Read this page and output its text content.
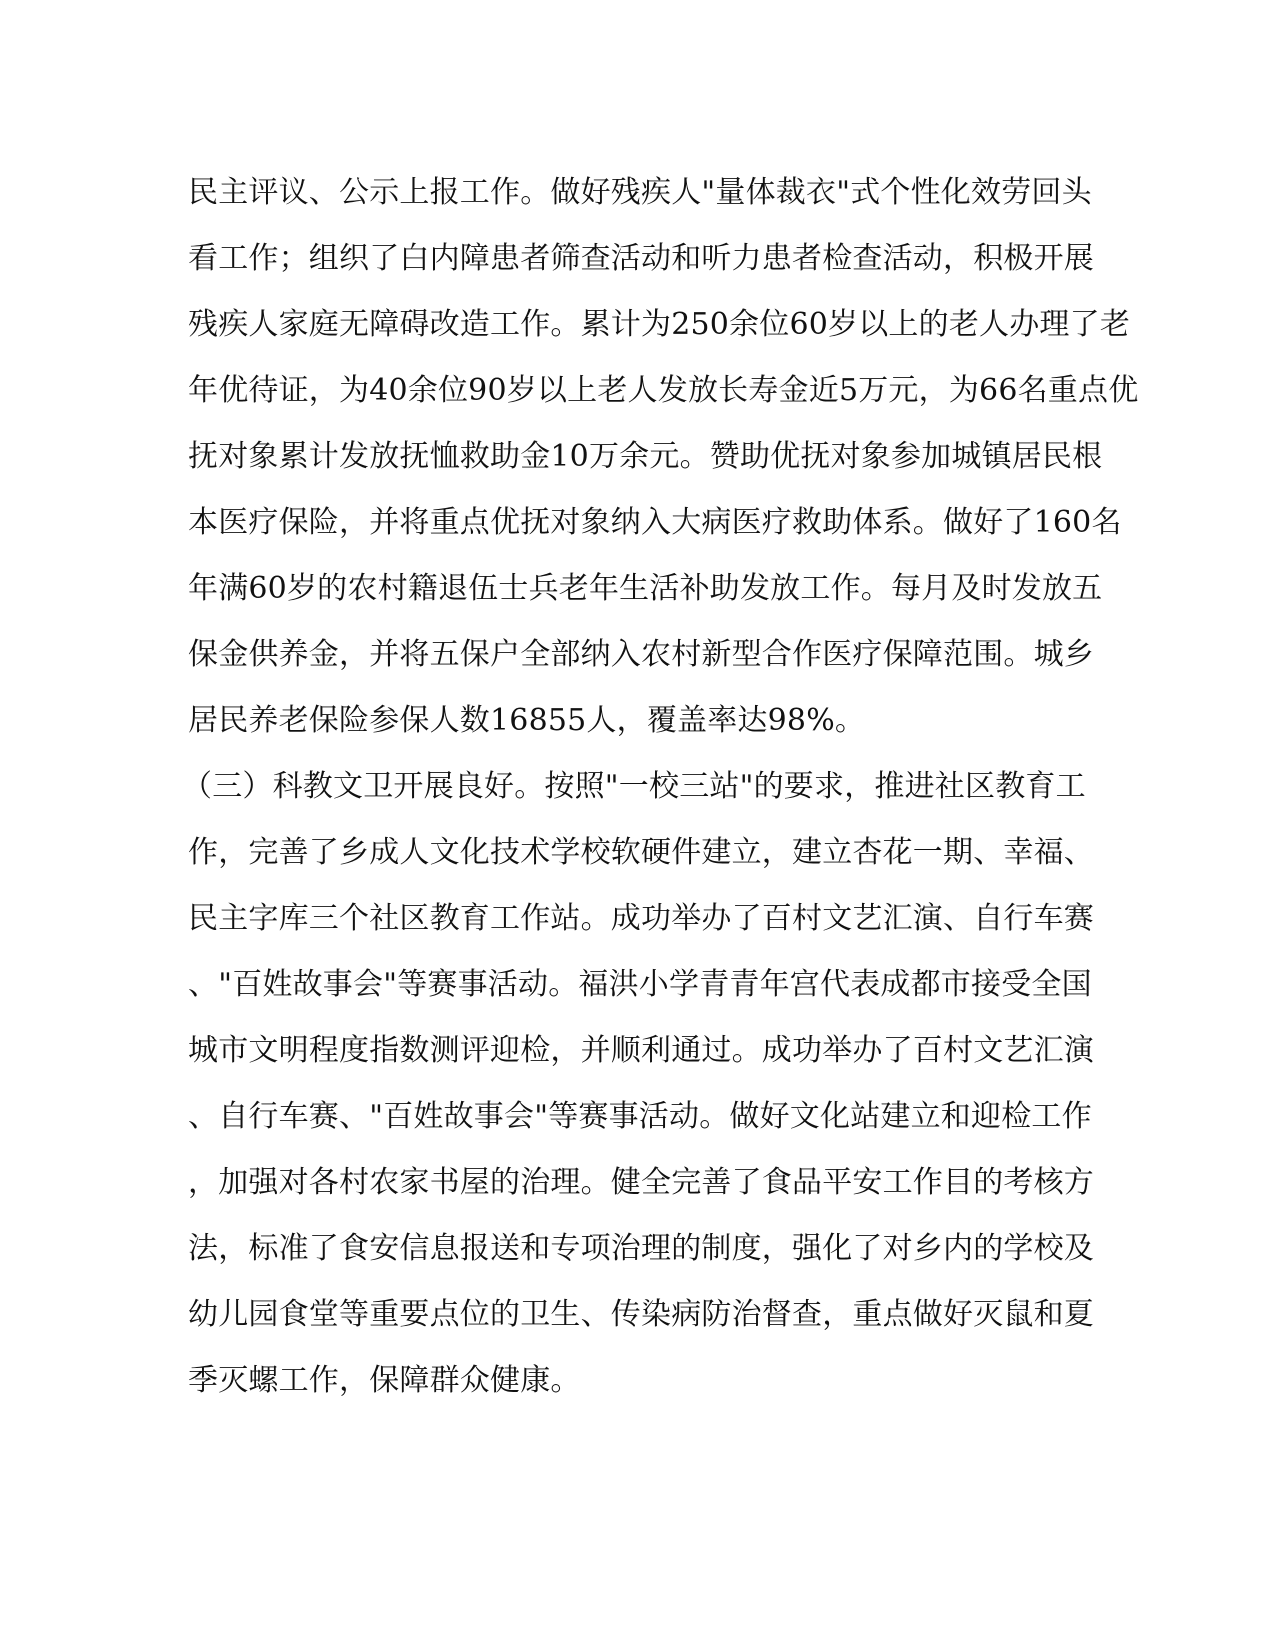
民主评议、公示上报工作。做好残疾人"量体裁衣"式个性化效劳回头
看工作；组织了白内障患者筛查活动和听力患者检查活动，积极开展
残疾人家庭无障碍改造工作。累计为250余位60岁以上的老人办理了老
年优待证，为40余位90岁以上老人发放长寿金近5万元，为66名重点优
抚对象累计发放抚恤救助金10万余元。赞助优抚对象参加城镇居民根
本医疗保险，并将重点优抚对象纳入大病医疗救助体系。做好了160名
年满60岁的农村籍退伍士兵老年生活补助发放工作。每月及时发放五
保金供养金，并将五保户全部纳入农村新型合作医疗保障范围。城乡
居民养老保险参保人数16855人，覆盖率达98%。
（三）科教文卫开展良好。按照"一校三站"的要求，推进社区教育工
作，完善了乡成人文化技术学校软硬件建立，建立杏花一期、幸福、
民主字库三个社区教育工作站。成功举办了百村文艺汇演、自行车赛
、"百姓故事会"等赛事活动。福洪小学青青年宫代表成都市接受全国
城市文明程度指数测评迎检，并顺利通过。成功举办了百村文艺汇演
、自行车赛、"百姓故事会"等赛事活动。做好文化站建立和迎检工作
，加强对各村农家书屋的治理。健全完善了食品平安工作目的考核方
法，标准了食安信息报送和专项治理的制度，强化了对乡内的学校及
幼儿园食堂等重要点位的卫生、传染病防治督查，重点做好灭鼠和夏
季灭螺工作，保障群众健康。
